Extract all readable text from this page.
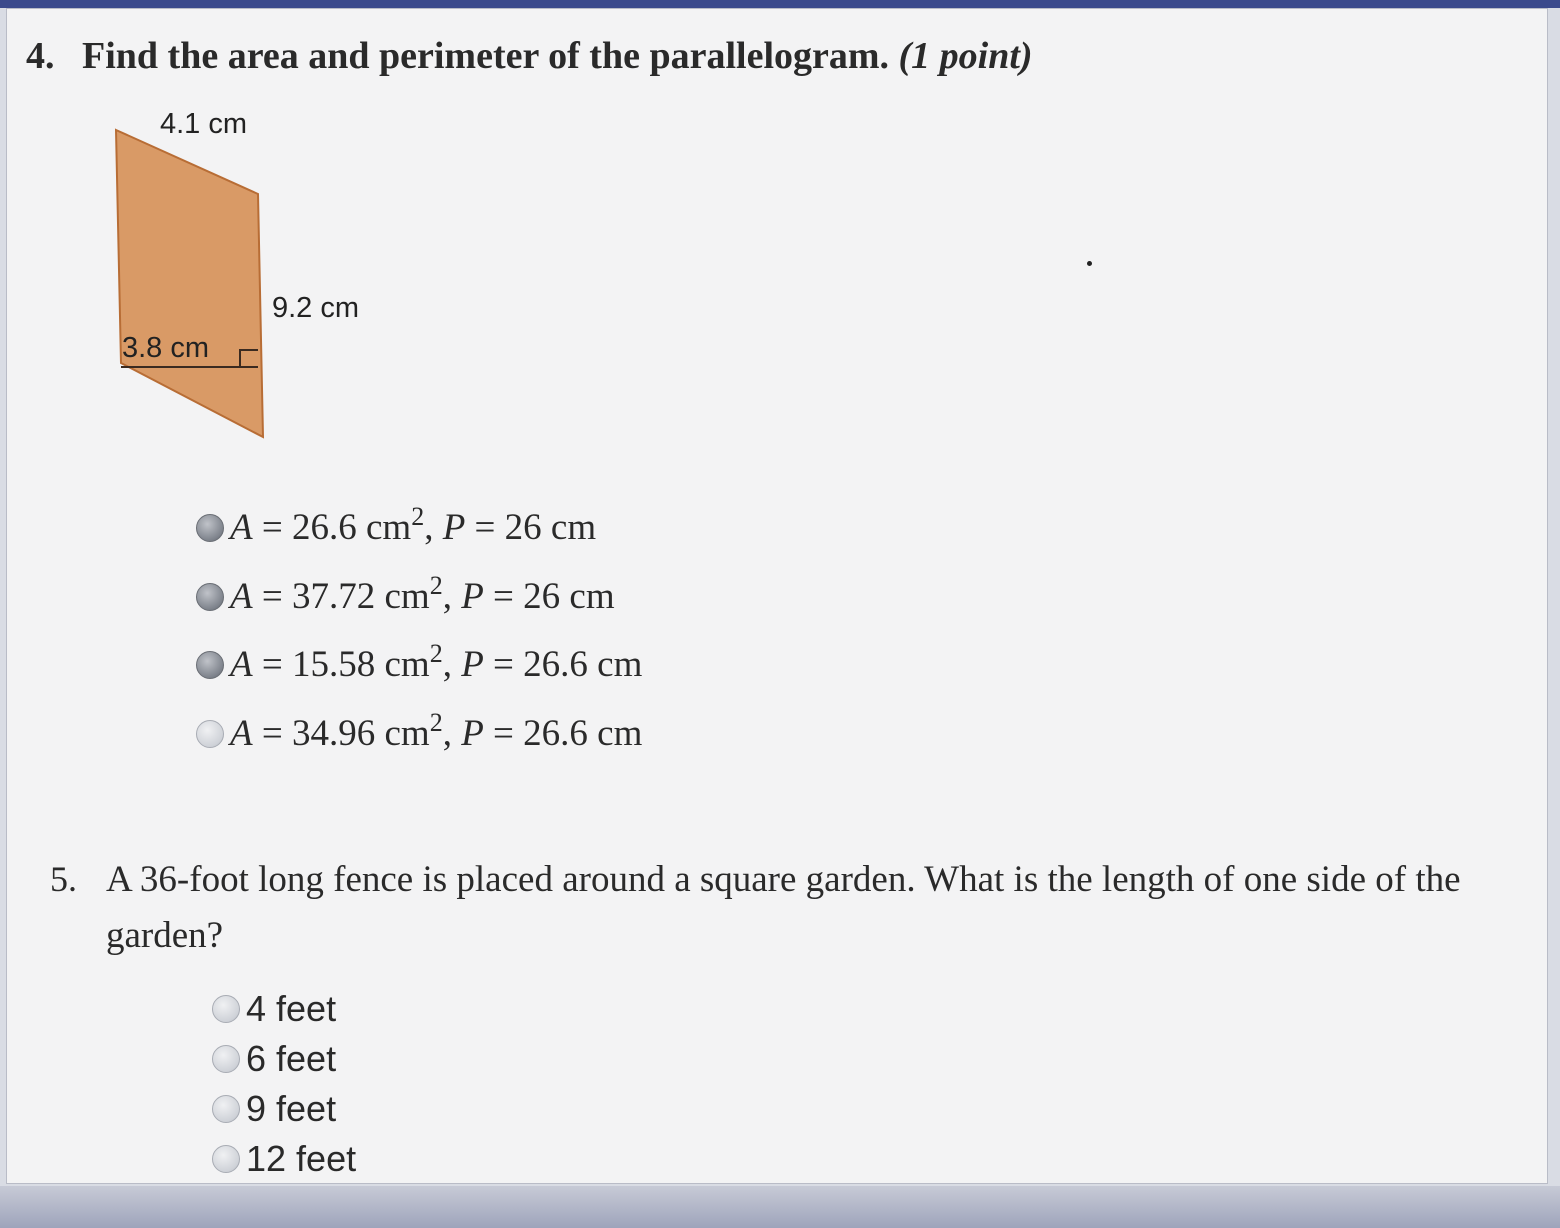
4. Find the area and perimeter of the parallelogram. (1 point)
4.1 cm
9.2 cm
3.8 cm
A = 26.6 $cm^2$, P = 26 cm
A = 37.72 $cm^2$, P = 26 cm
A = 15.58 $cm^2$, P = 26.6 cm
A = 34.96 $cm^2$, P = 26.6 cm
5. A 36-foot long fence is placed around a square garden. What is the length of one side of the garden?
4 feet
6 feet
9 feet
12 feet
